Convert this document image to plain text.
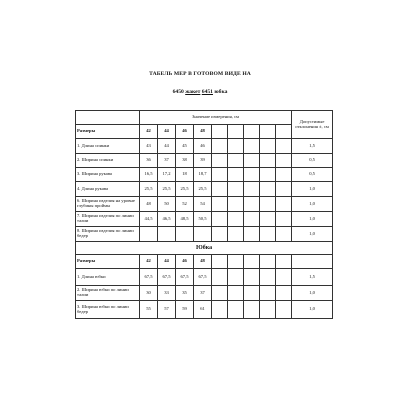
ТАБЕЛЬ МЕР В ГОТОВОМ ВИДЕ НА
6450 жакет 6451 юбка
	Значение измерения, см									Допустимые отклонения ±, см
Размеры	42	44	46	48						
1. Длина спинки	43	44	45	46						1,5
2. Ширина спинки	36	37	38	39						0,5
3. Ширина рукава	16,5	17,2	18	18,7						0,5
4. Длина рукава	25,5	25,5	25,5	25,5						1,0
6. Ширина изделия на уровне глубины проймы	48	50	52	54						1,0
7. Ширина изделия по линии талии	44,5	46,5	48,5	50,5						1,0
8. Ширина изделия по линии бедер										1,0
Юбка										
Размеры	42	44	46	48						
1. Длина юбки	67,5	67,5	67,5	67,5						1,5
2. Ширина юбки по линии талии	30	33	35	37						1,0
3. Ширина юбки по линии бедер	55	57	59	61						1,0
